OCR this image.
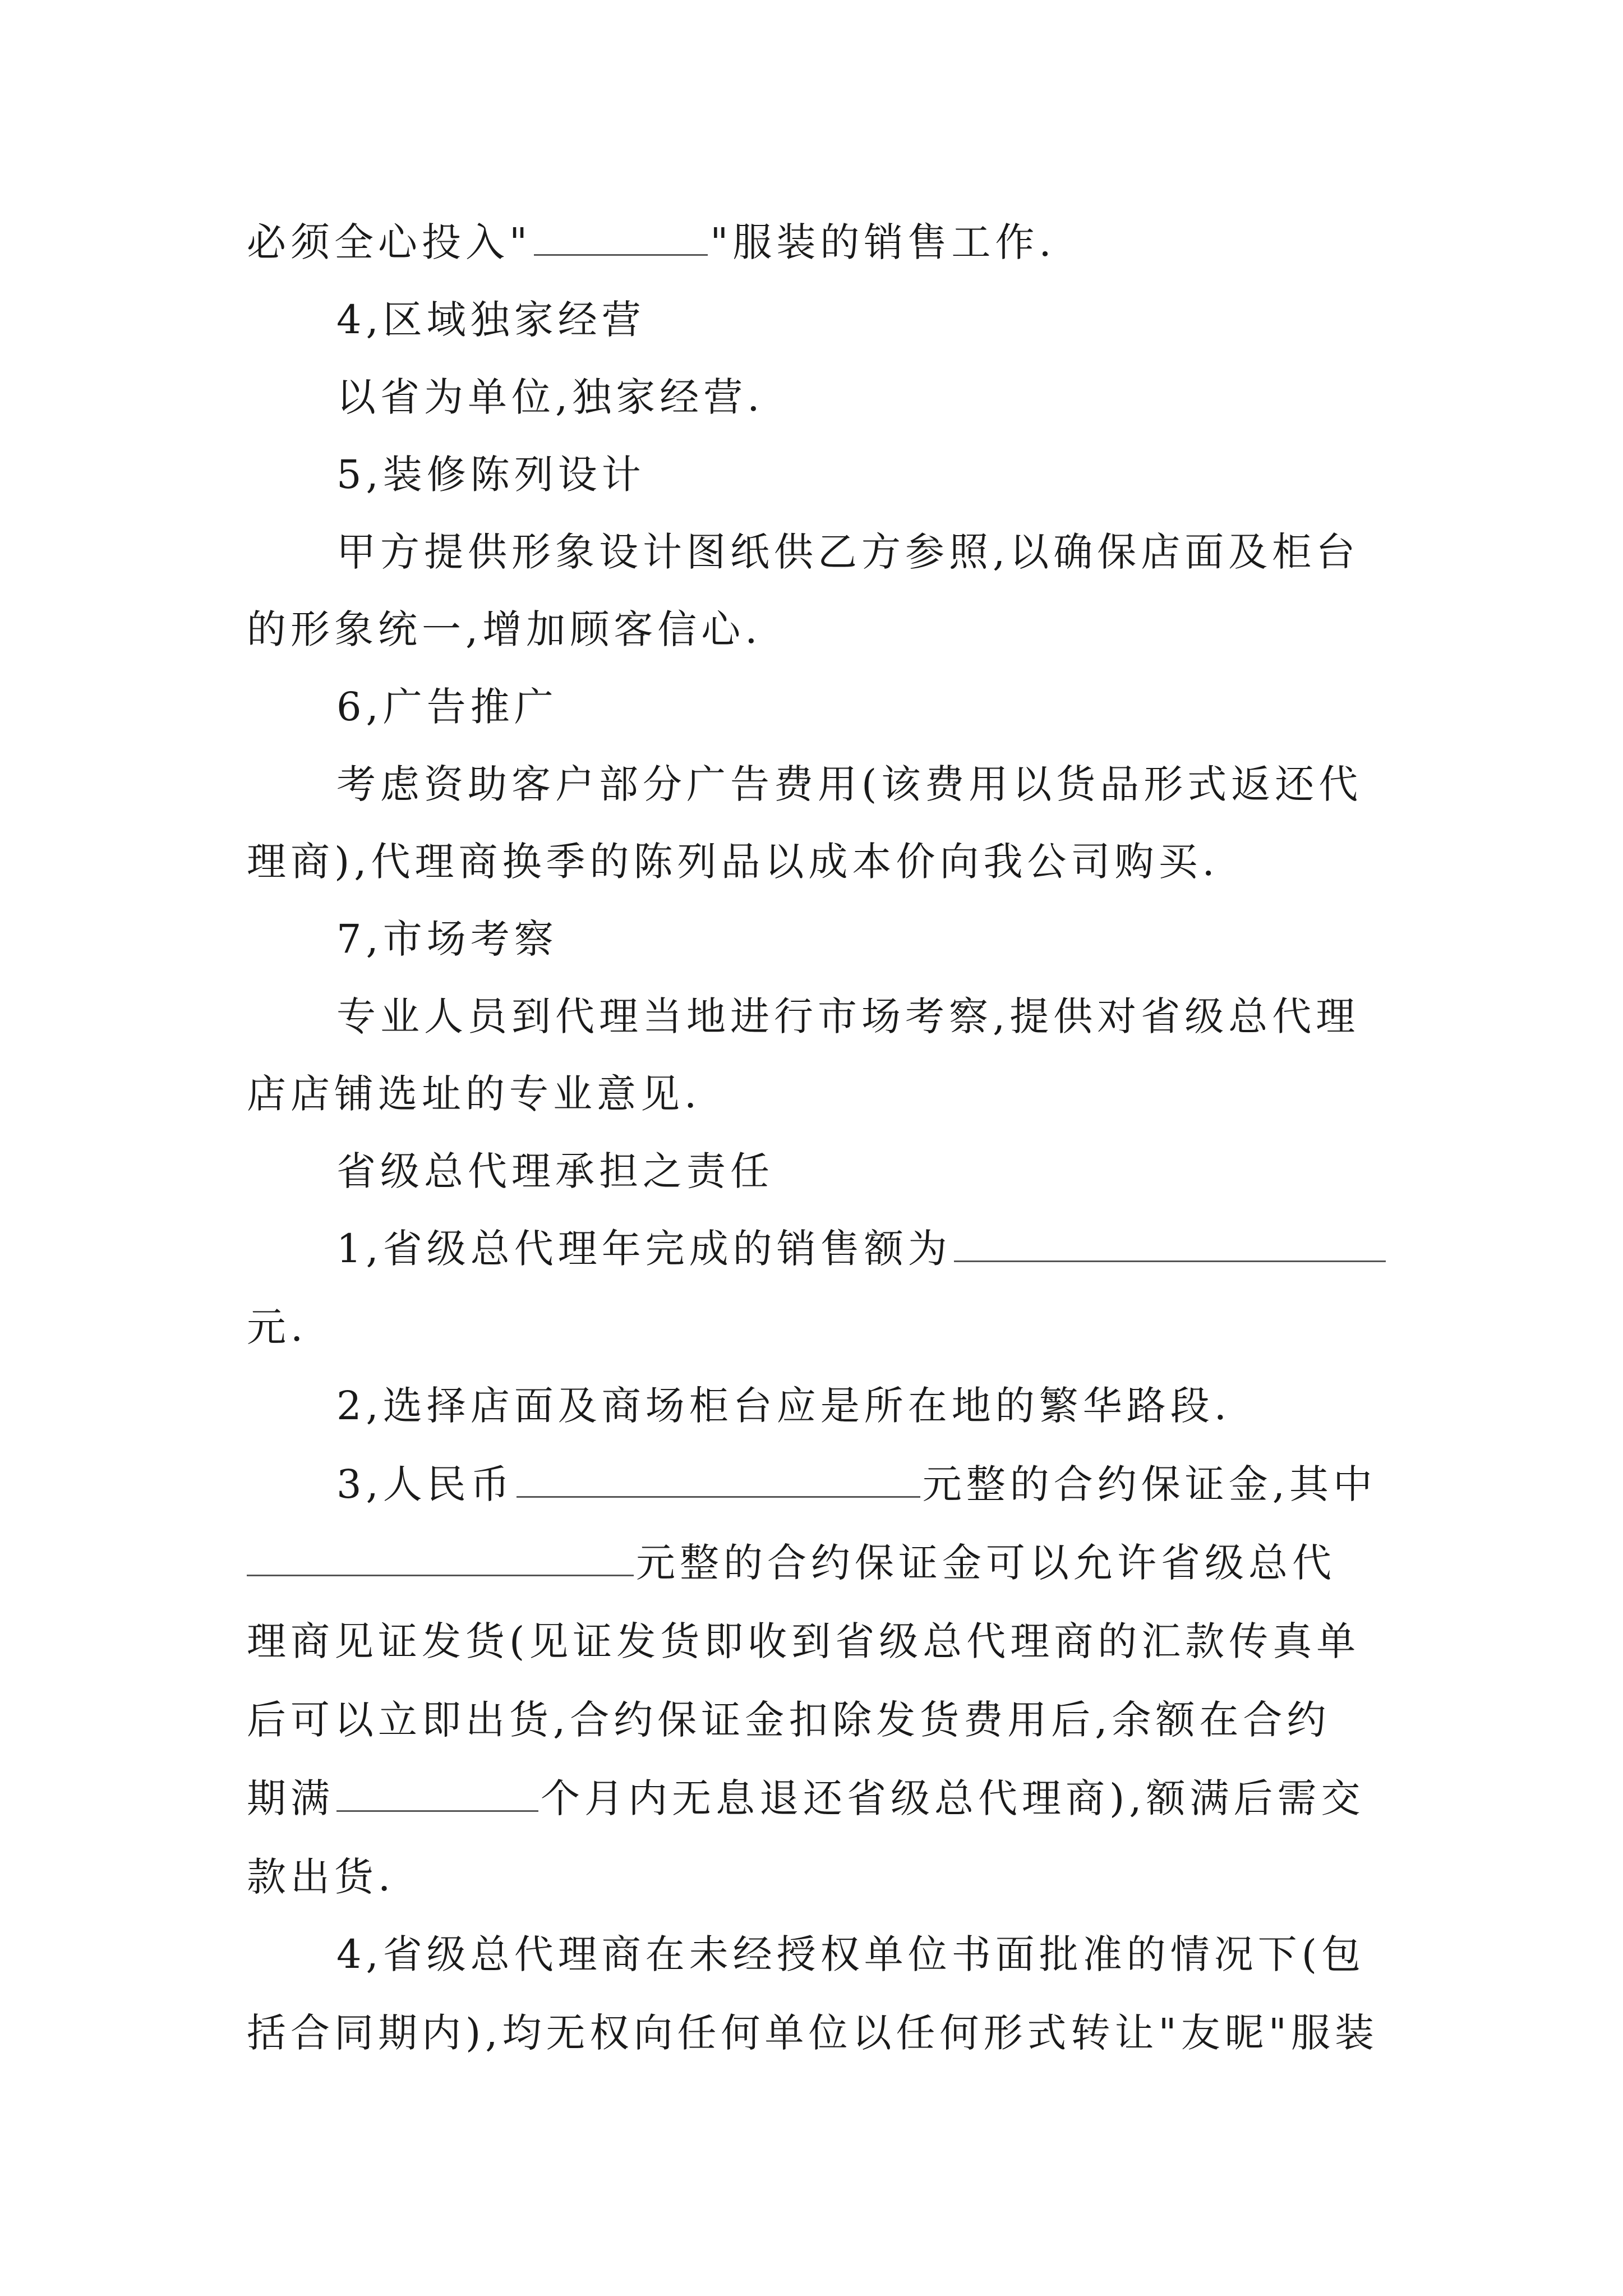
必须全心投入"	"服装的销售工作.
4,区域独家经营
以省为单位,独家经营.
5,装修陈列设计
甲方提供形象设计图纸供乙方参照,以确保店面及柜台
的形象统一,增加顾客信心.
6,广告推广
考虑资助客户部分广告费用(该费用以货品形式返还代
理商),代理商换季的陈列品以成本价向我公司购买.
7,市场考察
专业人员到代理当地进行市场考察,提供对省级总代理
店店铺选址的专业意见.
省级总代理承担之责任
1,省级总代理年完成的销售额为
元.
2,选择店面及商场柜台应是所在地的繁华路段.
3,人民币	元整的合约保证金,其中
元整的合约保证金可以允许省级总代
理商见证发货(见证发货即收到省级总代理商的汇款传真单
后可以立即出货,合约保证金扣除发货费用后,余额在合约
期满	个月内无息退还省级总代理商),额满后需交
款出货.
4,省级总代理商在未经授权单位书面批准的情况下(包
括合同期内),均无权向任何单位以任何形式转让"友昵"服装
